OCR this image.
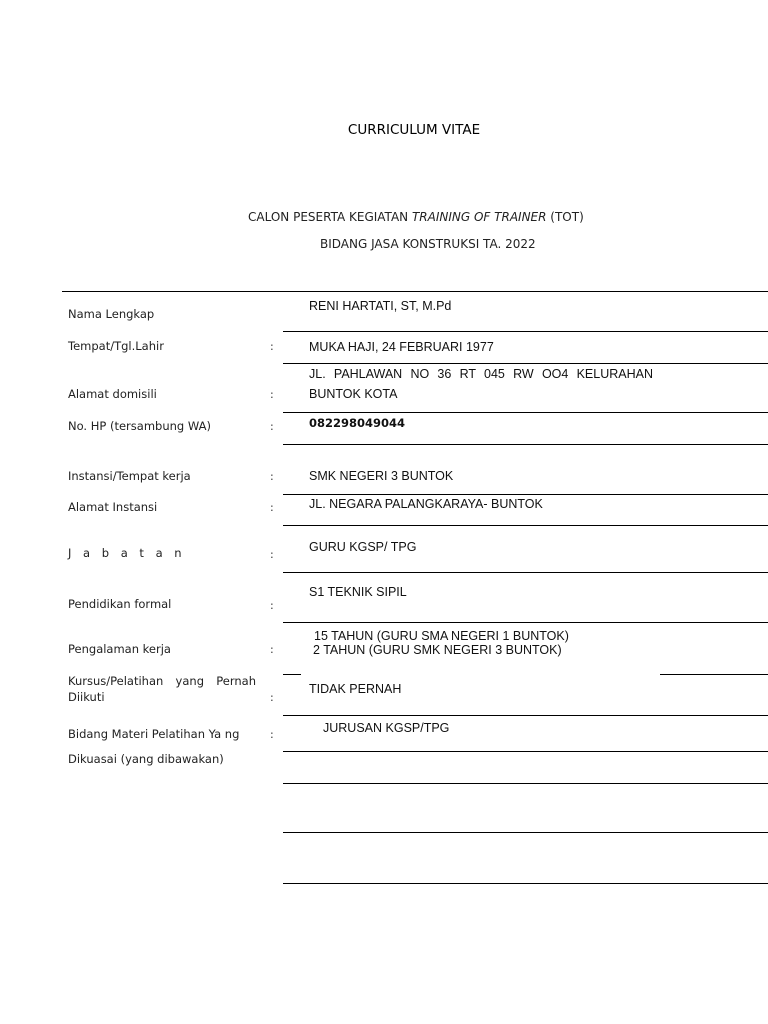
CURRICULUM VITAE
CALON PESERTA KEGIATAN TRAINING OF TRAINER (TOT)
BIDANG JASA KONSTRUKSI TA. 2022
Nama Lengkap
RENI HARTATI, ST, M.Pd
Tempat/Tgl.Lahir	:	MUKA HAJI, 24 FEBRUARI 1977
Alamat domisili	:
JL. PAHLAWAN NO 36 RT 045 RW OO4 KELURAHAN
BUNTOK KOTA
No. HP (tersambung WA)	:	082298049044
Instansi/Tempat kerja	:	SMK NEGERI 3 BUNTOK
Alamat Instansi	:	JL. NEGARA PALANGKARAYA- BUNTOK
J a b a t a n	:
GURU KGSP/ TPG
Pendidikan formal	:
S1 TEKNIK SIPIL
Pengalaman kerja	:
15 TAHUN (GURU SMA NEGERI 1 BUNTOK)
2 TAHUN (GURU SMK NEGERI 3 BUNTOK)
Kursus/Pelatihan yang Pernah
Diikuti	:
TIDAK PERNAH
Bidang Materi Pelatihan Ya ng	:	JURUSAN KGSP/TPG
Dikuasai (yang dibawakan)
